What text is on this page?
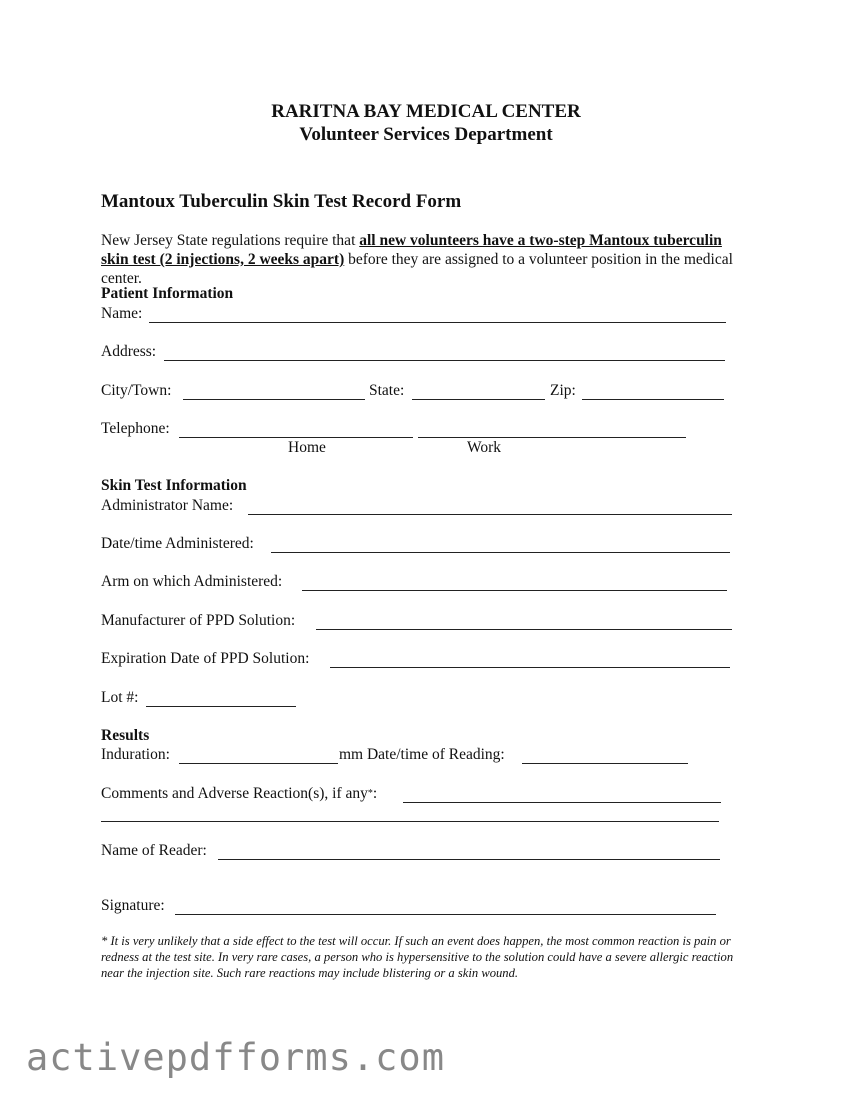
RARITNA BAY MEDICAL CENTER
Volunteer Services Department
Mantoux Tuberculin Skin Test Record Form
New Jersey State regulations require that all new volunteers have a two-step Mantoux tuberculin skin test (2 injections, 2 weeks apart) before they are assigned to a volunteer position in the medical center.
Patient Information
Name:
Address:
City/Town:	State:	Zip:
Telephone:
Home	Work
Skin Test Information
Administrator Name:
Date/time Administered:
Arm on which Administered:
Manufacturer of PPD Solution:
Expiration Date of PPD Solution:
Lot #:
Results
Induration:	mm Date/time of Reading:
Comments and Adverse Reaction(s), if any*:
Name of Reader:
Signature:
* It is very unlikely that a side effect to the test will occur. If such an event does happen, the most common reaction is pain or redness at the test site. In very rare cases, a person who is hypersensitive to the solution could have a severe allergic reaction near the injection site. Such rare reactions may include blistering or a skin wound.
activepdfforms.com
